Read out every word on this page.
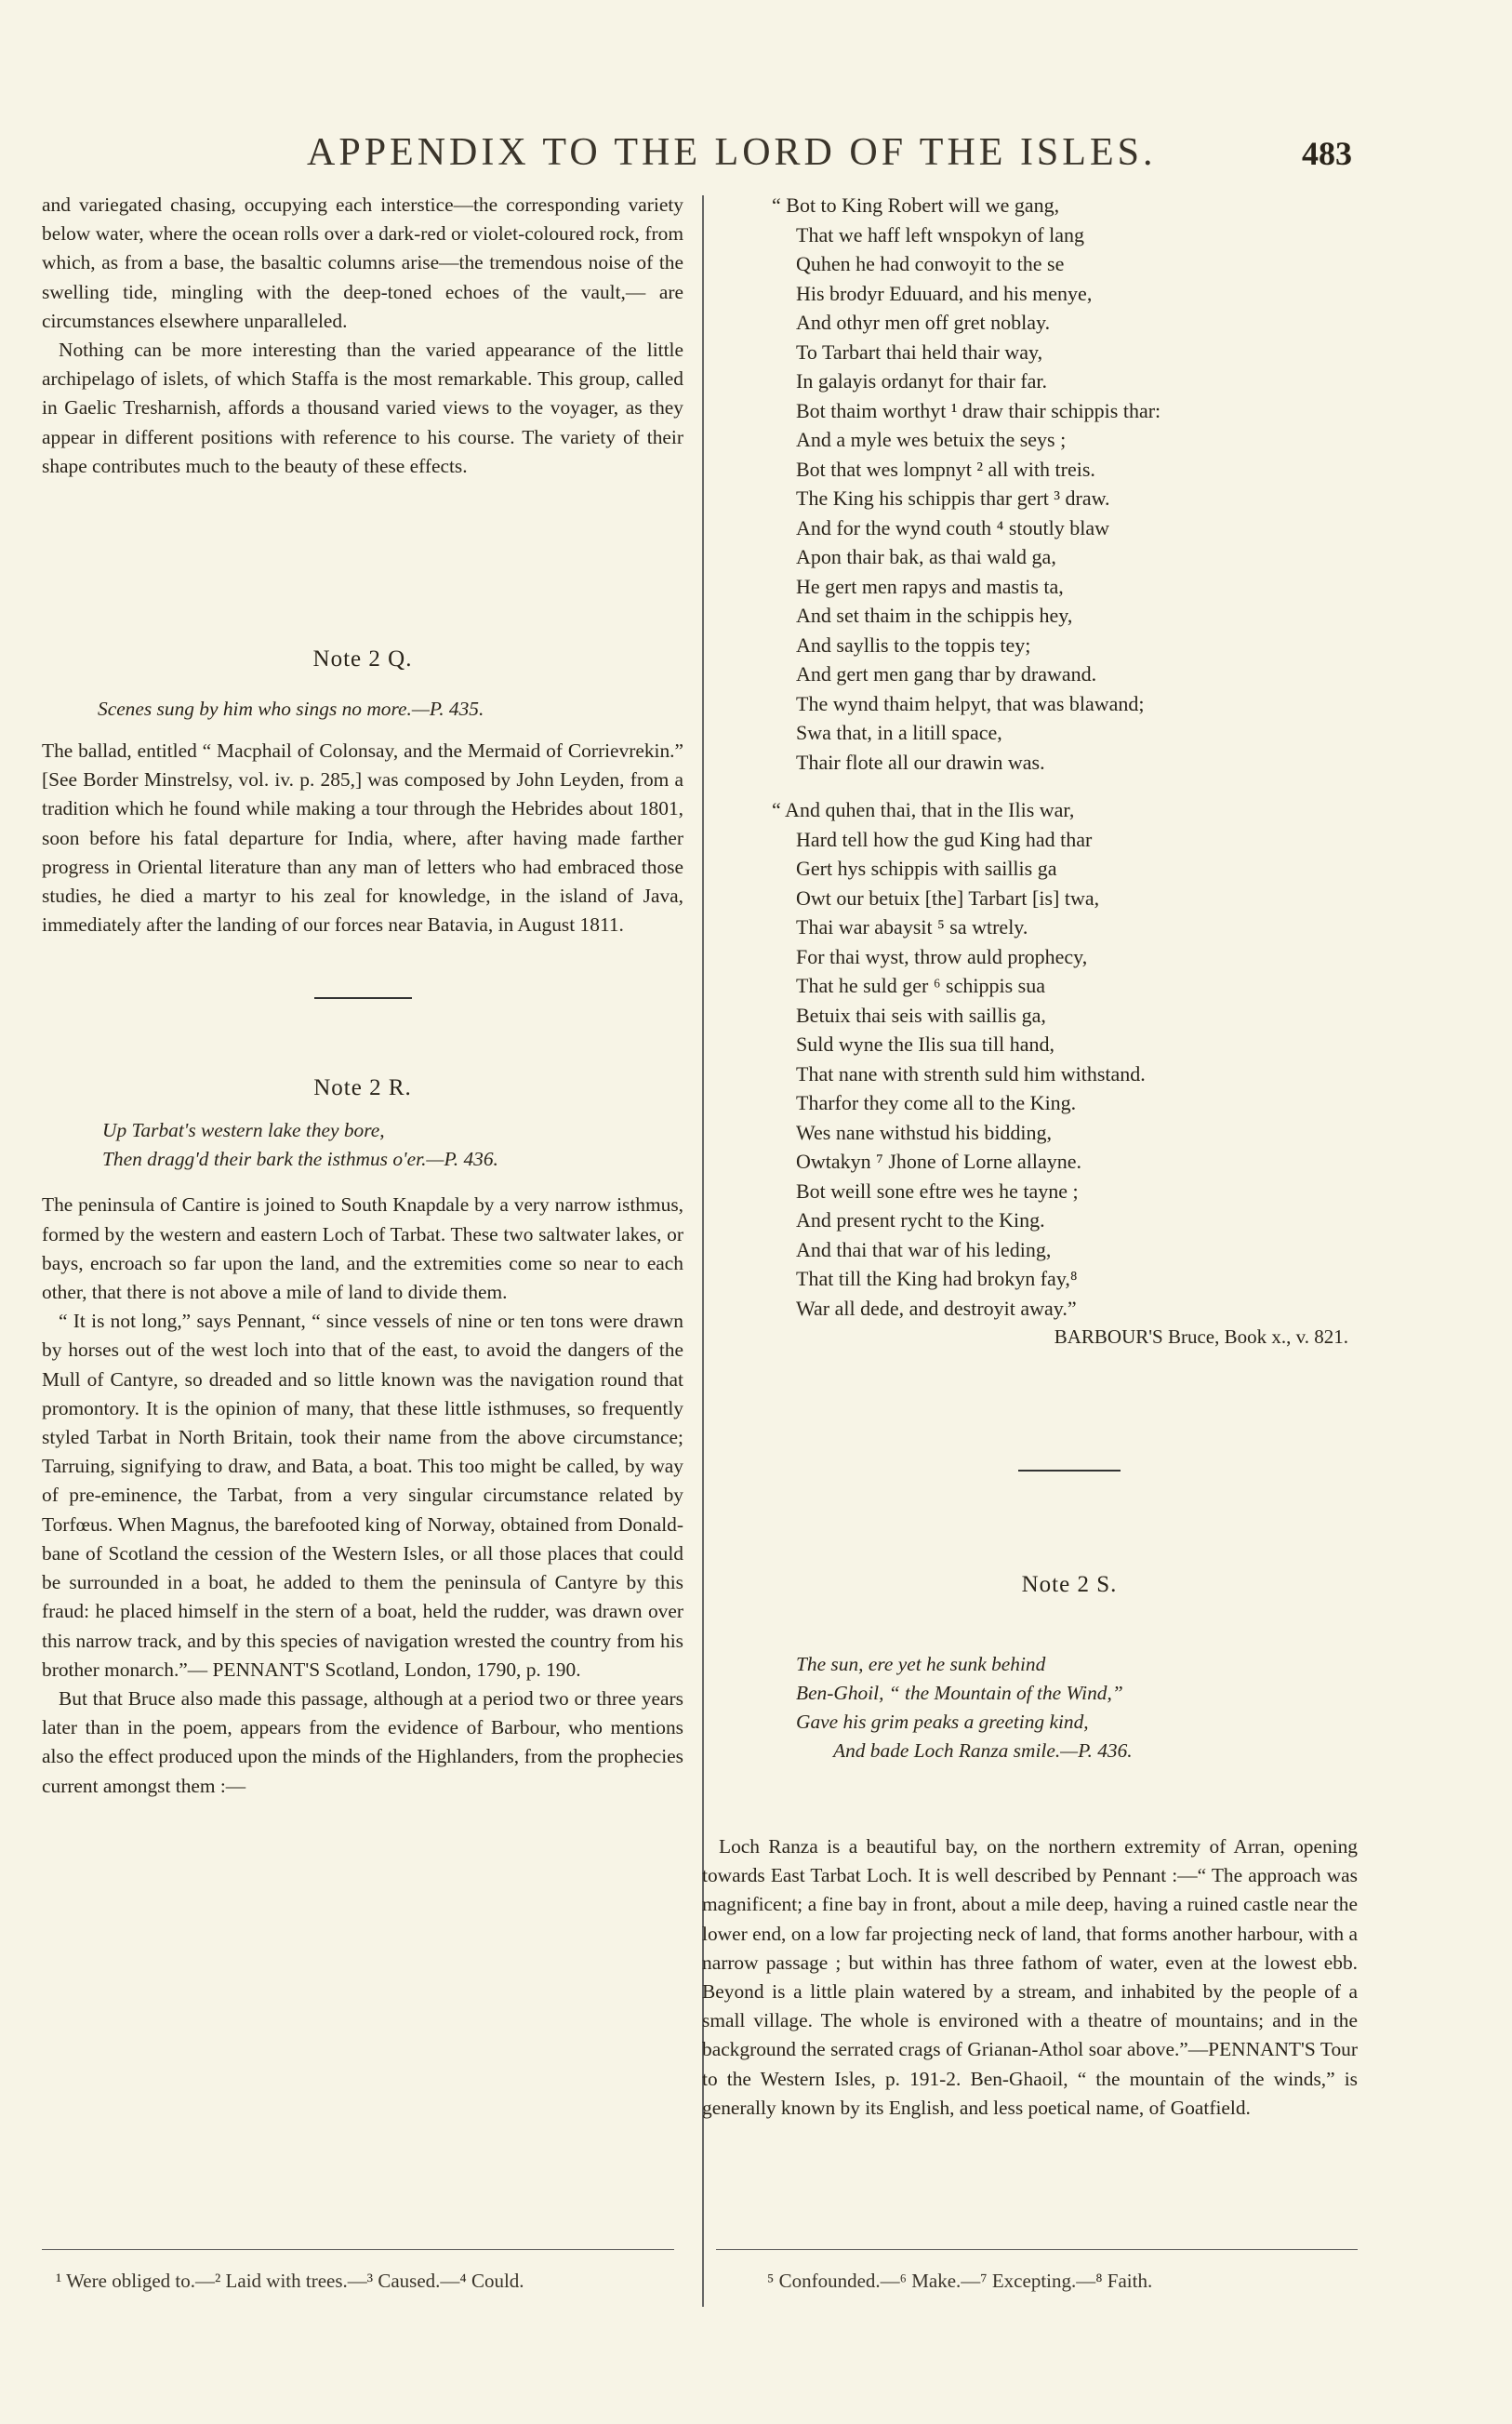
APPENDIX TO THE LORD OF THE ISLES.	483

and variegated chasing, occupying each interstice—the corresponding variety below water, where the ocean rolls over a dark-red or violet-coloured rock, from which, as from a base, the basaltic columns arise—the tremendous noise of the swelling tide, mingling with the deep-toned echoes of the vault,— are circumstances elsewhere unparalleled.

Nothing can be more interesting than the varied appearance of the little archipelago of islets, of which Staffa is the most remarkable. This group, called in Gaelic Tresharnish, affords a thousand varied views to the voyager, as they appear in different positions with reference to his course. The variety of their shape contributes much to the beauty of these effects.

Note 2 Q.
Scenes sung by him who sings no more.—P. 435.

The ballad, entitled “ Macphail of Colonsay, and the Mermaid of Corrievrekin.” [See Border Minstrelsy, vol. iv. p. 285,] was composed by John Leyden, from a tradition which he found while making a tour through the Hebrides about 1801, soon before his fatal departure for India, where, after having made farther progress in Oriental literature than any man of letters who had embraced those studies, he died a martyr to his zeal for knowledge, in the island of Java, immediately after the landing of our forces near Batavia, in August 1811.

Note 2 R.
Up Tarbat's western lake they bore,
Then dragg'd their bark the isthmus o'er.—P. 436.

The peninsula of Cantire is joined to South Knapdale by a very narrow isthmus, formed by the western and eastern Loch of Tarbat. These two saltwater lakes, or bays, encroach so far upon the land, and the extremities come so near to each other, that there is not above a mile of land to divide them.

“ It is not long,” says Pennant, “ since vessels of nine or ten tons were drawn by horses out of the west loch into that of the east, to avoid the dangers of the Mull of Cantyre, so dreaded and so little known was the navigation round that promontory. It is the opinion of many, that these little isthmuses, so frequently styled Tarbat in North Britain, took their name from the above circumstance; Tarruing, signifying to draw, and Bata, a boat. This too might be called, by way of pre-eminence, the Tarbat, from a very singular circumstance related by Torfœus. When Magnus, the barefooted king of Norway, obtained from Donald-bane of Scotland the cession of the Western Isles, or all those places that could be surrounded in a boat, he added to them the peninsula of Cantyre by this fraud: he placed himself in the stern of a boat, held the rudder, was drawn over this narrow track, and by this species of navigation wrested the country from his brother monarch.”— PENNANT'S Scotland, London, 1790, p. 190.

But that Bruce also made this passage, although at a period two or three years later than in the poem, appears from the evidence of Barbour, who mentions also the effect produced upon the minds of the Highlanders, from the prophecies current amongst them :—

“ Bot to King Robert will we gang,
That we haff left wnspokyn of lang
Quhen he had conwoyit to the se
His brodyr Eduuard, and his menye,
And othyr men off gret noblay.
To Tarbart thai held thair way,
In galayis ordanyt for thair far.
Bot thaim worthyt ¹ draw thair schippis thar:
And a myle wes betuix the seys ;
Bot that wes lompnyt ² all with treis.
The King his schippis thar gert ³ draw.
And for the wynd couth ⁴ stoutly blaw
Apon thair bak, as thai wald ga,
He gert men rapys and mastis ta,
And set thaim in the schippis hey,
And sayllis to the toppis tey;
And gert men gang thar by drawand.
The wynd thaim helpyt, that was blawand;
Swa that, in a litill space,
Thair flote all our drawin was.
“ And quhen thai, that in the Ilis war,
Hard tell how the gud King had thar
Gert hys schippis with saillis ga
Owt our betuix [the] Tarbart [is] twa,
Thai war abaysit ⁵ sa wtrely.
For thai wyst, throw auld prophecy,
That he suld ger ⁶ schippis sua
Betuix thai seis with saillis ga,
Suld wyne the Ilis sua till hand,
That nane with strenth suld him withstand.
Tharfor they come all to the King.
Wes nane withstud his bidding,
Owtakyn ⁷ Jhone of Lorne allayne.
Bot weill sone eftre wes he tayne ;
And present rycht to the King.
And thai that war of his leding,
That till the King had brokyn fay,⁸
War all dede, and destroyit away.”
BARBOUR'S Bruce, Book x., v. 821.
Note 2 S.
The sun, ere yet he sunk behind
Ben-Ghoil, “ the Mountain of the Wind,”
Gave his grim peaks a greeting kind,
And bade Loch Ranza smile.—P. 436.

Loch Ranza is a beautiful bay, on the northern extremity of Arran, opening towards East Tarbat Loch. It is well described by Pennant :—“ The approach was magnificent; a fine bay in front, about a mile deep, having a ruined castle near the lower end, on a low far projecting neck of land, that forms another harbour, with a narrow passage ; but within has three fathom of water, even at the lowest ebb. Beyond is a little plain watered by a stream, and inhabited by the people of a small village. The whole is environed with a theatre of mountains; and in the background the serrated crags of Grianan-Athol soar above.”—PENNANT'S Tour to the Western Isles, p. 191-2. Ben-Ghaoil, “ the mountain of the winds,” is generally known by its English, and less poetical name, of Goatfield.

¹ Were obliged to.—² Laid with trees.—³ Caused.—⁴ Could.	⁵ Confounded.—⁶ Make.—⁷ Excepting.—⁸ Faith.
